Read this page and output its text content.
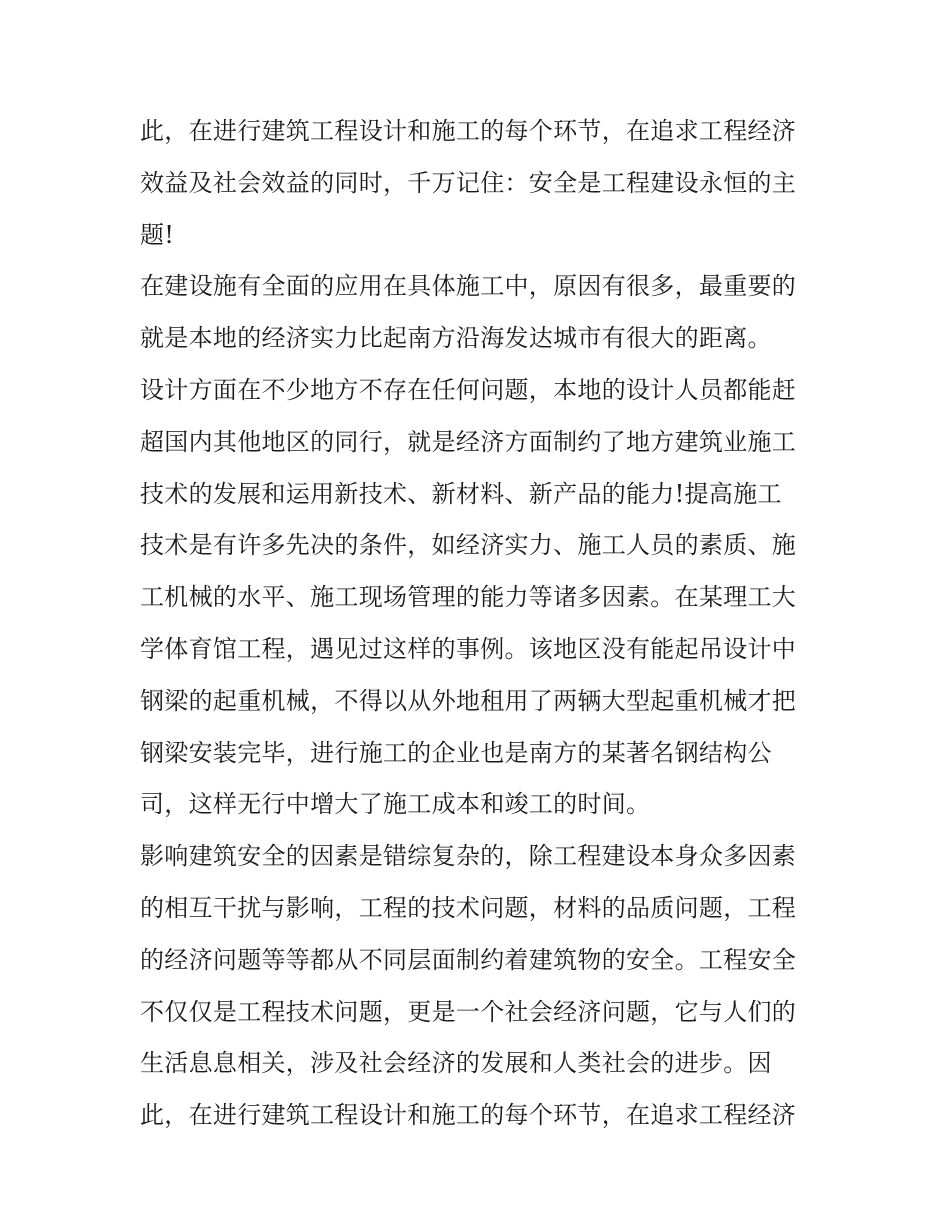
此，在进行建筑工程设计和施工的每个环节，在追求工程经济
效益及社会效益的同时，千万记住：安全是工程建设永恒的主
题!
在建设施有全面的应用在具体施工中，原因有很多，最重要的
就是本地的经济实力比起南方沿海发达城市有很大的距离。
设计方面在不少地方不存在任何问题，本地的设计人员都能赶
超国内其他地区的同行，就是经济方面制约了地方建筑业施工
技术的发展和运用新技术、新材料、新产品的能力!提高施工
技术是有许多先决的条件，如经济实力、施工人员的素质、施
工机械的水平、施工现场管理的能力等诸多因素。在某理工大
学体育馆工程，遇见过这样的事例。该地区没有能起吊设计中
钢梁的起重机械，不得以从外地租用了两辆大型起重机械才把
钢梁安装完毕，进行施工的企业也是南方的某著名钢结构公
司，这样无行中增大了施工成本和竣工的时间。
影响建筑安全的因素是错综复杂的，除工程建设本身众多因素
的相互干扰与影响，工程的技术问题，材料的品质问题，工程
的经济问题等等都从不同层面制约着建筑物的安全。工程安全
不仅仅是工程技术问题，更是一个社会经济问题，它与人们的
生活息息相关，涉及社会经济的发展和人类社会的进步。因
此，在进行建筑工程设计和施工的每个环节，在追求工程经济
